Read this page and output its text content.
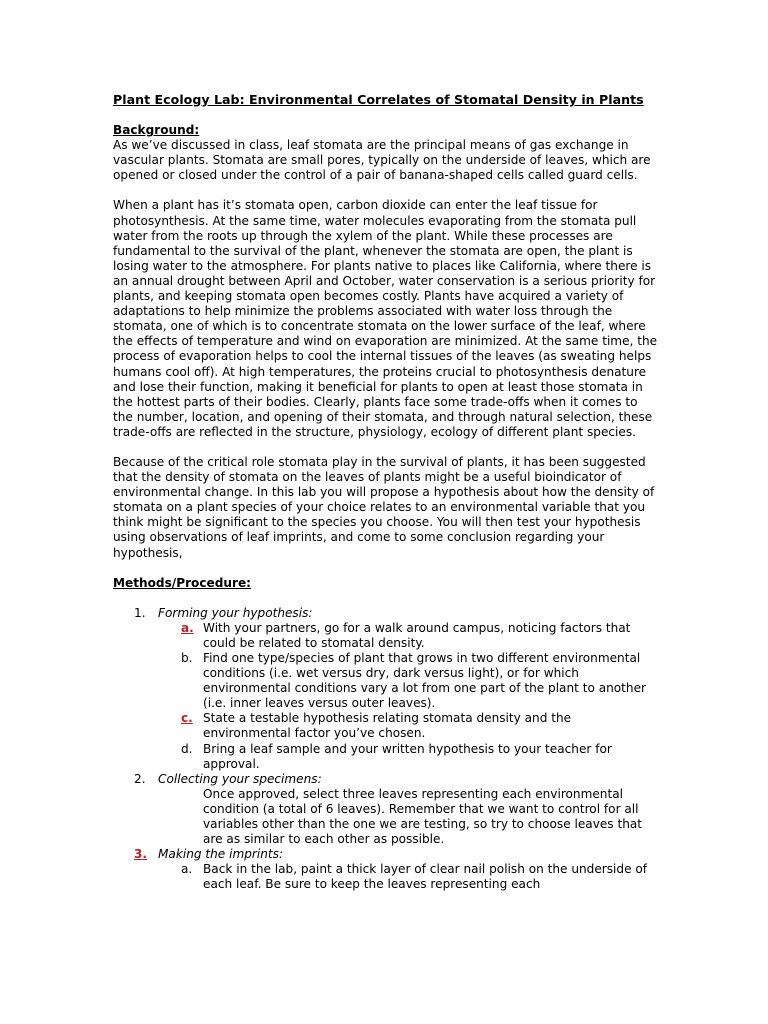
Plant Ecology Lab: Environmental Correlates of Stomatal Density in Plants
Background:

As we’ve discussed in class, leaf stomata are the principal means of gas exchange in vascular plants. Stomata are small pores, typically on the underside of leaves, which are opened or closed under the control of a pair of banana-shaped cells called guard cells.

When a plant has it’s stomata open, carbon dioxide can enter the leaf tissue for photosynthesis. At the same time, water molecules evaporating from the stomata pull water from the roots up through the xylem of the plant. While these processes are fundamental to the survival of the plant, whenever the stomata are open, the plant is losing water to the atmosphere. For plants native to places like California, where there is an annual drought between April and October, water conservation is a serious priority for plants, and keeping stomata open becomes costly. Plants have acquired a variety of adaptations to help minimize the problems associated with water loss through the stomata, one of which is to concentrate stomata on the lower surface of the leaf, where the effects of temperature and wind on evaporation are minimized. At the same time, the process of evaporation helps to cool the internal tissues of the leaves (as sweating helps humans cool off). At high temperatures, the proteins crucial to photosynthesis denature and lose their function, making it beneficial for plants to open at least those stomata in the hottest parts of their bodies. Clearly, plants face some trade-offs when it comes to the number, location, and opening of their stomata, and through natural selection, these trade-offs are reflected in the structure, physiology, ecology of different plant species.

Because of the critical role stomata play in the survival of plants, it has been suggested that the density of stomata on the leaves of plants might be a useful bioindicator of environmental change. In this lab you will propose a hypothesis about how the density of stomata on a plant species of your choice relates to an environmental variable that you think might be significant to the species you choose. You will then test your hypothesis using observations of leaf imprints, and come to some conclusion regarding your hypothesis,

Methods/Procedure:
1. Forming your hypothesis:
a. With your partners, go for a walk around campus, noticing factors that could be related to stomatal density.
b. Find one type/species of plant that grows in two different environmental conditions (i.e. wet versus dry, dark versus light), or for which environmental conditions vary a lot from one part of the plant to another (i.e. inner leaves versus outer leaves).
c. State a testable hypothesis relating stomata density and the environmental factor you’ve chosen.
d. Bring a leaf sample and your written hypothesis to your teacher for approval.
2. Collecting your specimens:
Once approved, select three leaves representing each environmental condition (a total of 6 leaves). Remember that we want to control for all variables other than the one we are testing, so try to choose leaves that are as similar to each other as possible.
3. Making the imprints:
a. Back in the lab, paint a thick layer of clear nail polish on the underside of each leaf. Be sure to keep the leaves representing each
